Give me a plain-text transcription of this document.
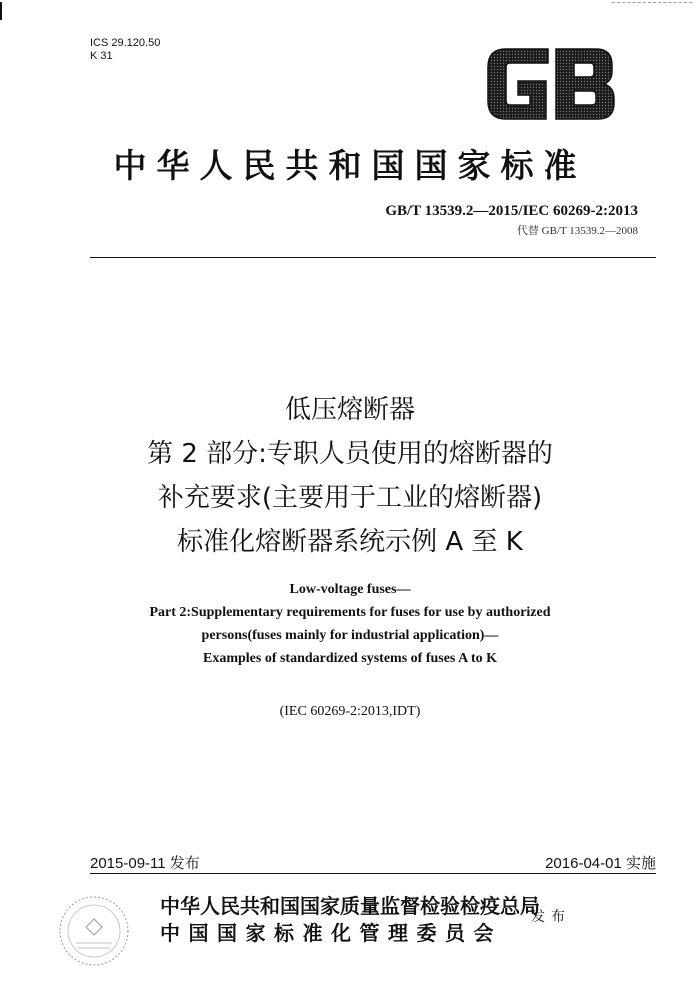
ICS 29.120.50
K 31
中华人民共和国国家标准
GB/T 13539.2—2015/IEC 60269-2:2013
代替 GB/T 13539.2—2008
低压熔断器
第 2 部分:专职人员使用的熔断器的
补充要求(主要用于工业的熔断器)
标准化熔断器系统示例 A 至 K
Low-voltage fuses—
Part 2:Supplementary requirements for fuses for use by authorized
persons(fuses mainly for industrial application)—
Examples of standardized systems of fuses A to K
(IEC 60269-2:2013,IDT)
2015-09-11 发布	2016-04-01 实施
中华人民共和国国家质量监督检验检疫总局
中国国家标准化管理委员会
发布
